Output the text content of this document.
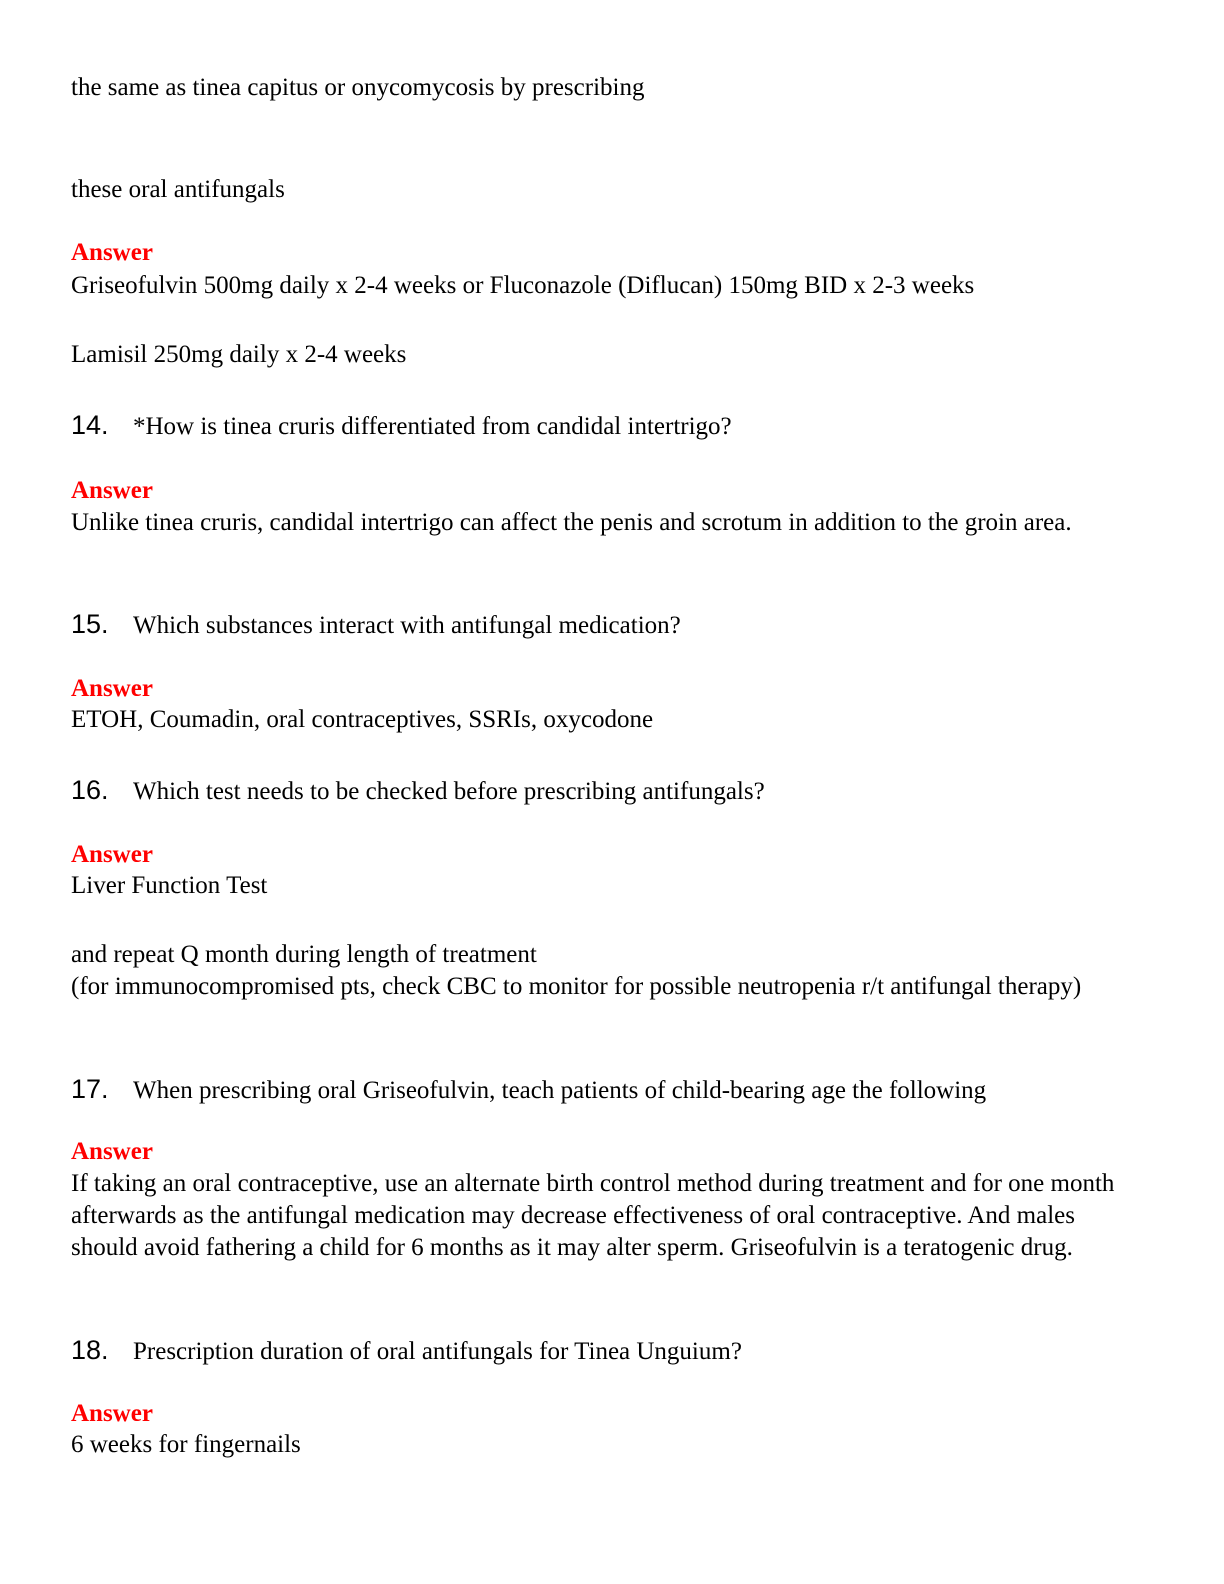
the same as tinea capitus or onycomycosis by prescribing
these oral antifungals
Answer
Griseofulvin 500mg daily x 2-4 weeks or Fluconazole (Diflucan) 150mg BID x 2-3 weeks
Lamisil 250mg daily x 2-4 weeks
14. *How is tinea cruris differentiated from candidal intertrigo?
Answer
Unlike tinea cruris, candidal intertrigo can affect the penis and scrotum in addition to the groin area.
15. Which substances interact with antifungal medication?
Answer
ETOH, Coumadin, oral contraceptives, SSRIs, oxycodone
16. Which test needs to be checked before prescribing antifungals?
Answer
Liver Function Test
and repeat Q month during length of treatment
(for immunocompromised pts, check CBC to monitor for possible neutropenia r/t antifungal therapy)
17. When prescribing oral Griseofulvin, teach patients of child-bearing age the following
Answer
If taking an oral contraceptive, use an alternate birth control method during treatment and for one month afterwards as the antifungal medication may decrease effectiveness of oral contraceptive. And males should avoid fathering a child for 6 months as it may alter sperm. Griseofulvin is a teratogenic drug.
18. Prescription duration of oral antifungals for Tinea Unguium?
Answer
6 weeks for fingernails
